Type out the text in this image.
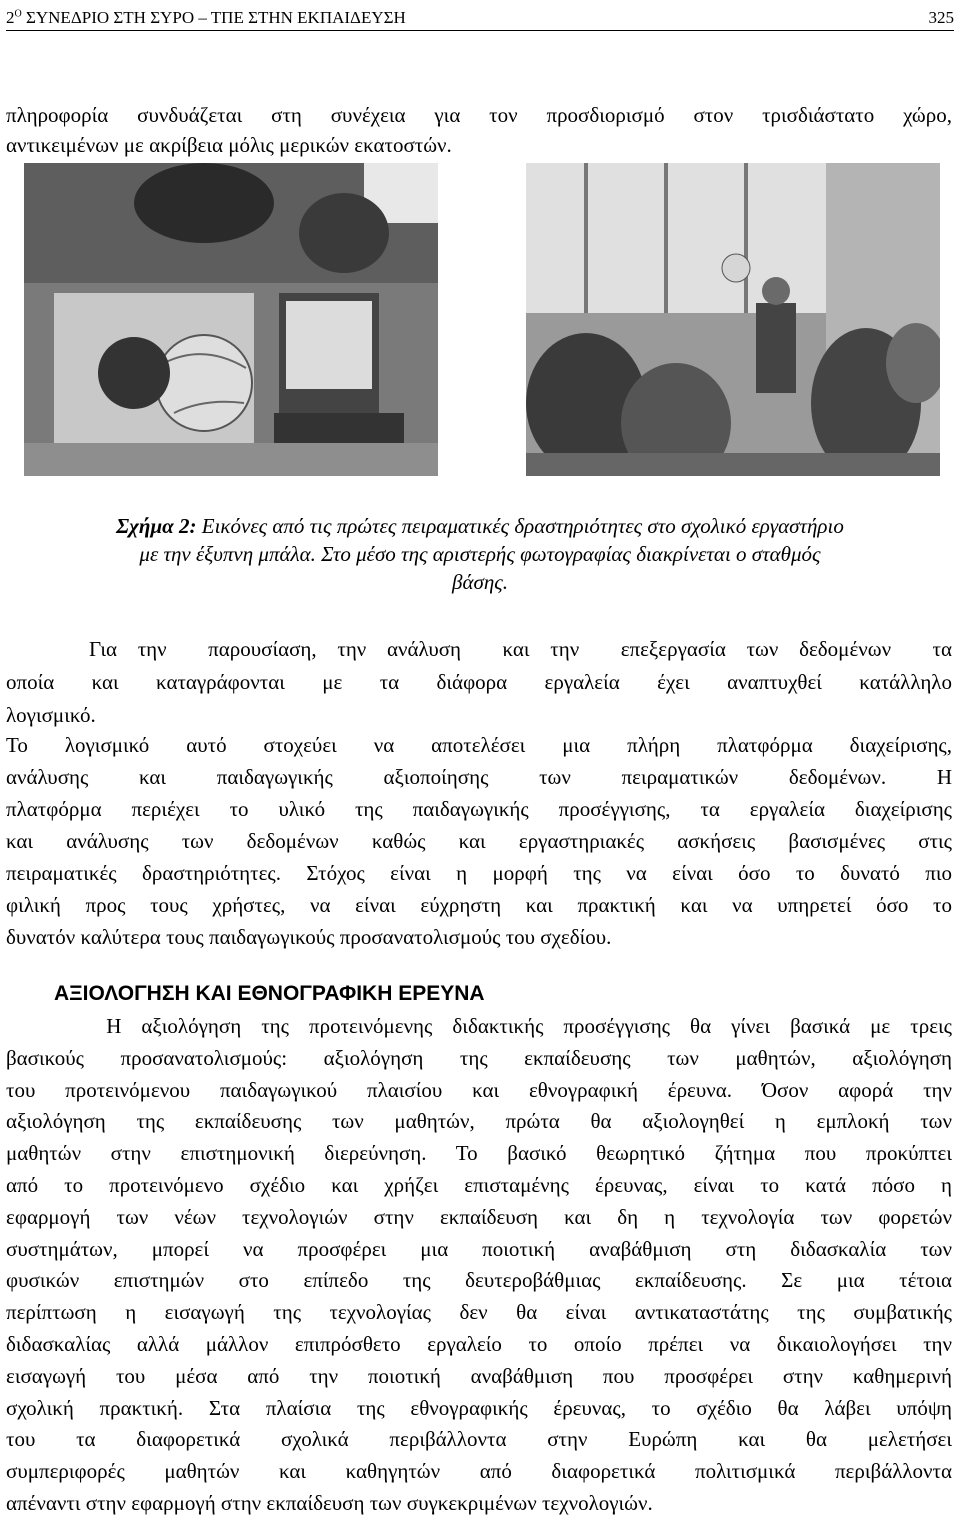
$2^O$ ΣΥΝΕΔΡΙΟ ΣΤΗ ΣΥΡΟ – ΤΠΕ ΣΤΗΝ ΕΚΠΑΙΔΕΥΣΗ	325
πληροφορία συνδυάζεται στη συνέχεια για τον προσδιορισμό στον τρισδιάστατο χώρο,
αντικειμένων με ακρίβεια μόλις μερικών εκατοστών.
Σχήμα 2: Εικόνες από τις πρώτες πειραματικές δραστηριότητες στο σχολικό εργαστήριο
με την έξυπνη μπάλα. Στο μέσο της αριστερής φωτογραφίας διακρίνεται ο σταθμός
βάσης.
Για την  παρουσίαση, την ανάλυση  και την  επεξεργασία των δεδομένων  τα
οποία και καταγράφονται με τα διάφορα εργαλεία έχει αναπτυχθεί κατάλληλο
λογισμικό.
Το λογισμικό αυτό στοχεύει να αποτελέσει μια πλήρη πλατφόρμα διαχείρισης,
ανάλυσης και παιδαγωγικής αξιοποίησης των πειραματικών δεδομένων. Η
πλατφόρμα περιέχει το υλικό της παιδαγωγικής προσέγγισης, τα εργαλεία διαχείρισης
και ανάλυσης των δεδομένων καθώς και εργαστηριακές ασκήσεις βασισμένες στις
πειραματικές δραστηριότητες. Στόχος είναι η μορφή της να είναι όσο το δυνατό πιο
φιλική προς τους χρήστες, να είναι εύχρηστη και πρακτική και να υπηρετεί όσο το
δυνατόν καλύτερα τους παιδαγωγικούς προσανατολισμούς του σχεδίου.
ΑΞΙΟΛΟΓΗΣΗ ΚΑΙ ΕΘΝΟΓΡΑΦΙΚΗ ΕΡΕΥΝΑ
Η αξιολόγηση της προτεινόμενης διδακτικής προσέγγισης θα γίνει βασικά με τρεις
βασικούς προσανατολισμούς: αξιολόγηση της εκπαίδευσης των μαθητών, αξιολόγηση
του προτεινόμενου παιδαγωγικού πλαισίου και εθνογραφική έρευνα. Όσον αφορά την
αξιολόγηση της εκπαίδευσης των μαθητών, πρώτα θα αξιολογηθεί η εμπλοκή των
μαθητών στην επιστημονική διερεύνηση. Το βασικό θεωρητικό ζήτημα που προκύπτει
από το προτεινόμενο σχέδιο και χρήζει επισταμένης έρευνας, είναι το κατά πόσο η
εφαρμογή των νέων τεχνολογιών στην εκπαίδευση και δη η τεχνολογία των φορετών
συστημάτων, μπορεί να προσφέρει μια ποιοτική αναβάθμιση στη διδασκαλία των
φυσικών επιστημών στο επίπεδο της δευτεροβάθμιας εκπαίδευσης. Σε μια τέτοια
περίπτωση η εισαγωγή της τεχνολογίας δεν θα είναι αντικαταστάτης της συμβατικής
διδασκαλίας αλλά μάλλον επιπρόσθετο εργαλείο το οποίο πρέπει να δικαιολογήσει την
εισαγωγή του μέσα από την ποιοτική αναβάθμιση που προσφέρει στην καθημερινή
σχολική πρακτική. Στα πλαίσια της εθνογραφικής έρευνας, το σχέδιο θα λάβει υπόψη
του τα διαφορετικά σχολικά περιβάλλοντα στην Ευρώπη και θα μελετήσει
συμπεριφορές μαθητών και καθηγητών από διαφορετικά πολιτισμικά περιβάλλοντα
απέναντι στην εφαρμογή στην εκπαίδευση των συγκεκριμένων τεχνολογιών.
